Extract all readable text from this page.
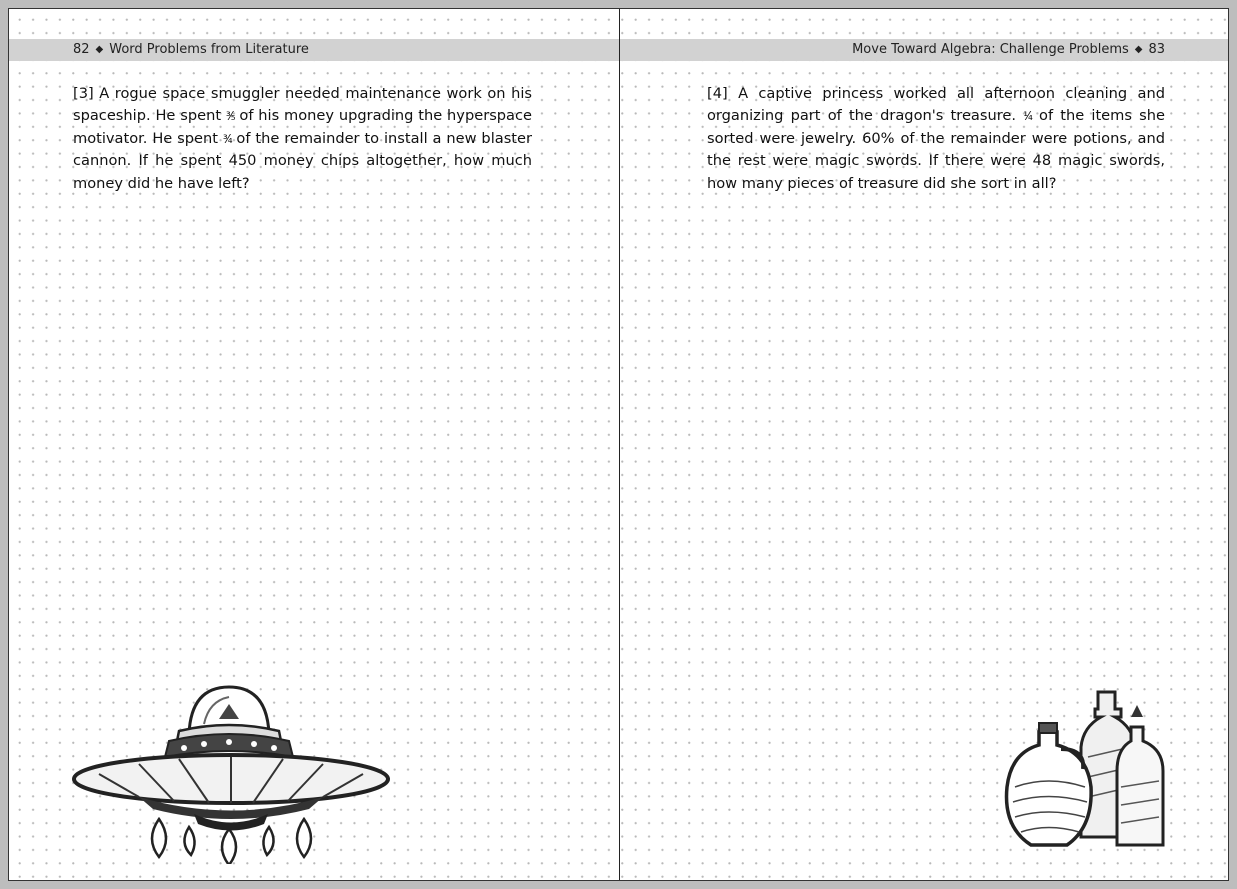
82 ◆ Word Problems from Literature
[3] A rogue space smuggler needed maintenance work on his spaceship. He spent ³⁄₅ of his money upgrading the hyperspace motivator. He spent ³⁄₄ of the remainder to install a new blaster cannon. If he spent 450 money chips altogether, how much money did he have left?
Move Toward Algebra: Challenge Problems ◆ 83
[4] A captive princess worked all afternoon cleaning and organizing part of the dragon's treasure. ¹⁄₄ of the items she sorted were jewelry. 60% of the remainder were potions, and the rest were magic swords. If there were 48 magic swords, how many pieces of treasure did she sort in all?
